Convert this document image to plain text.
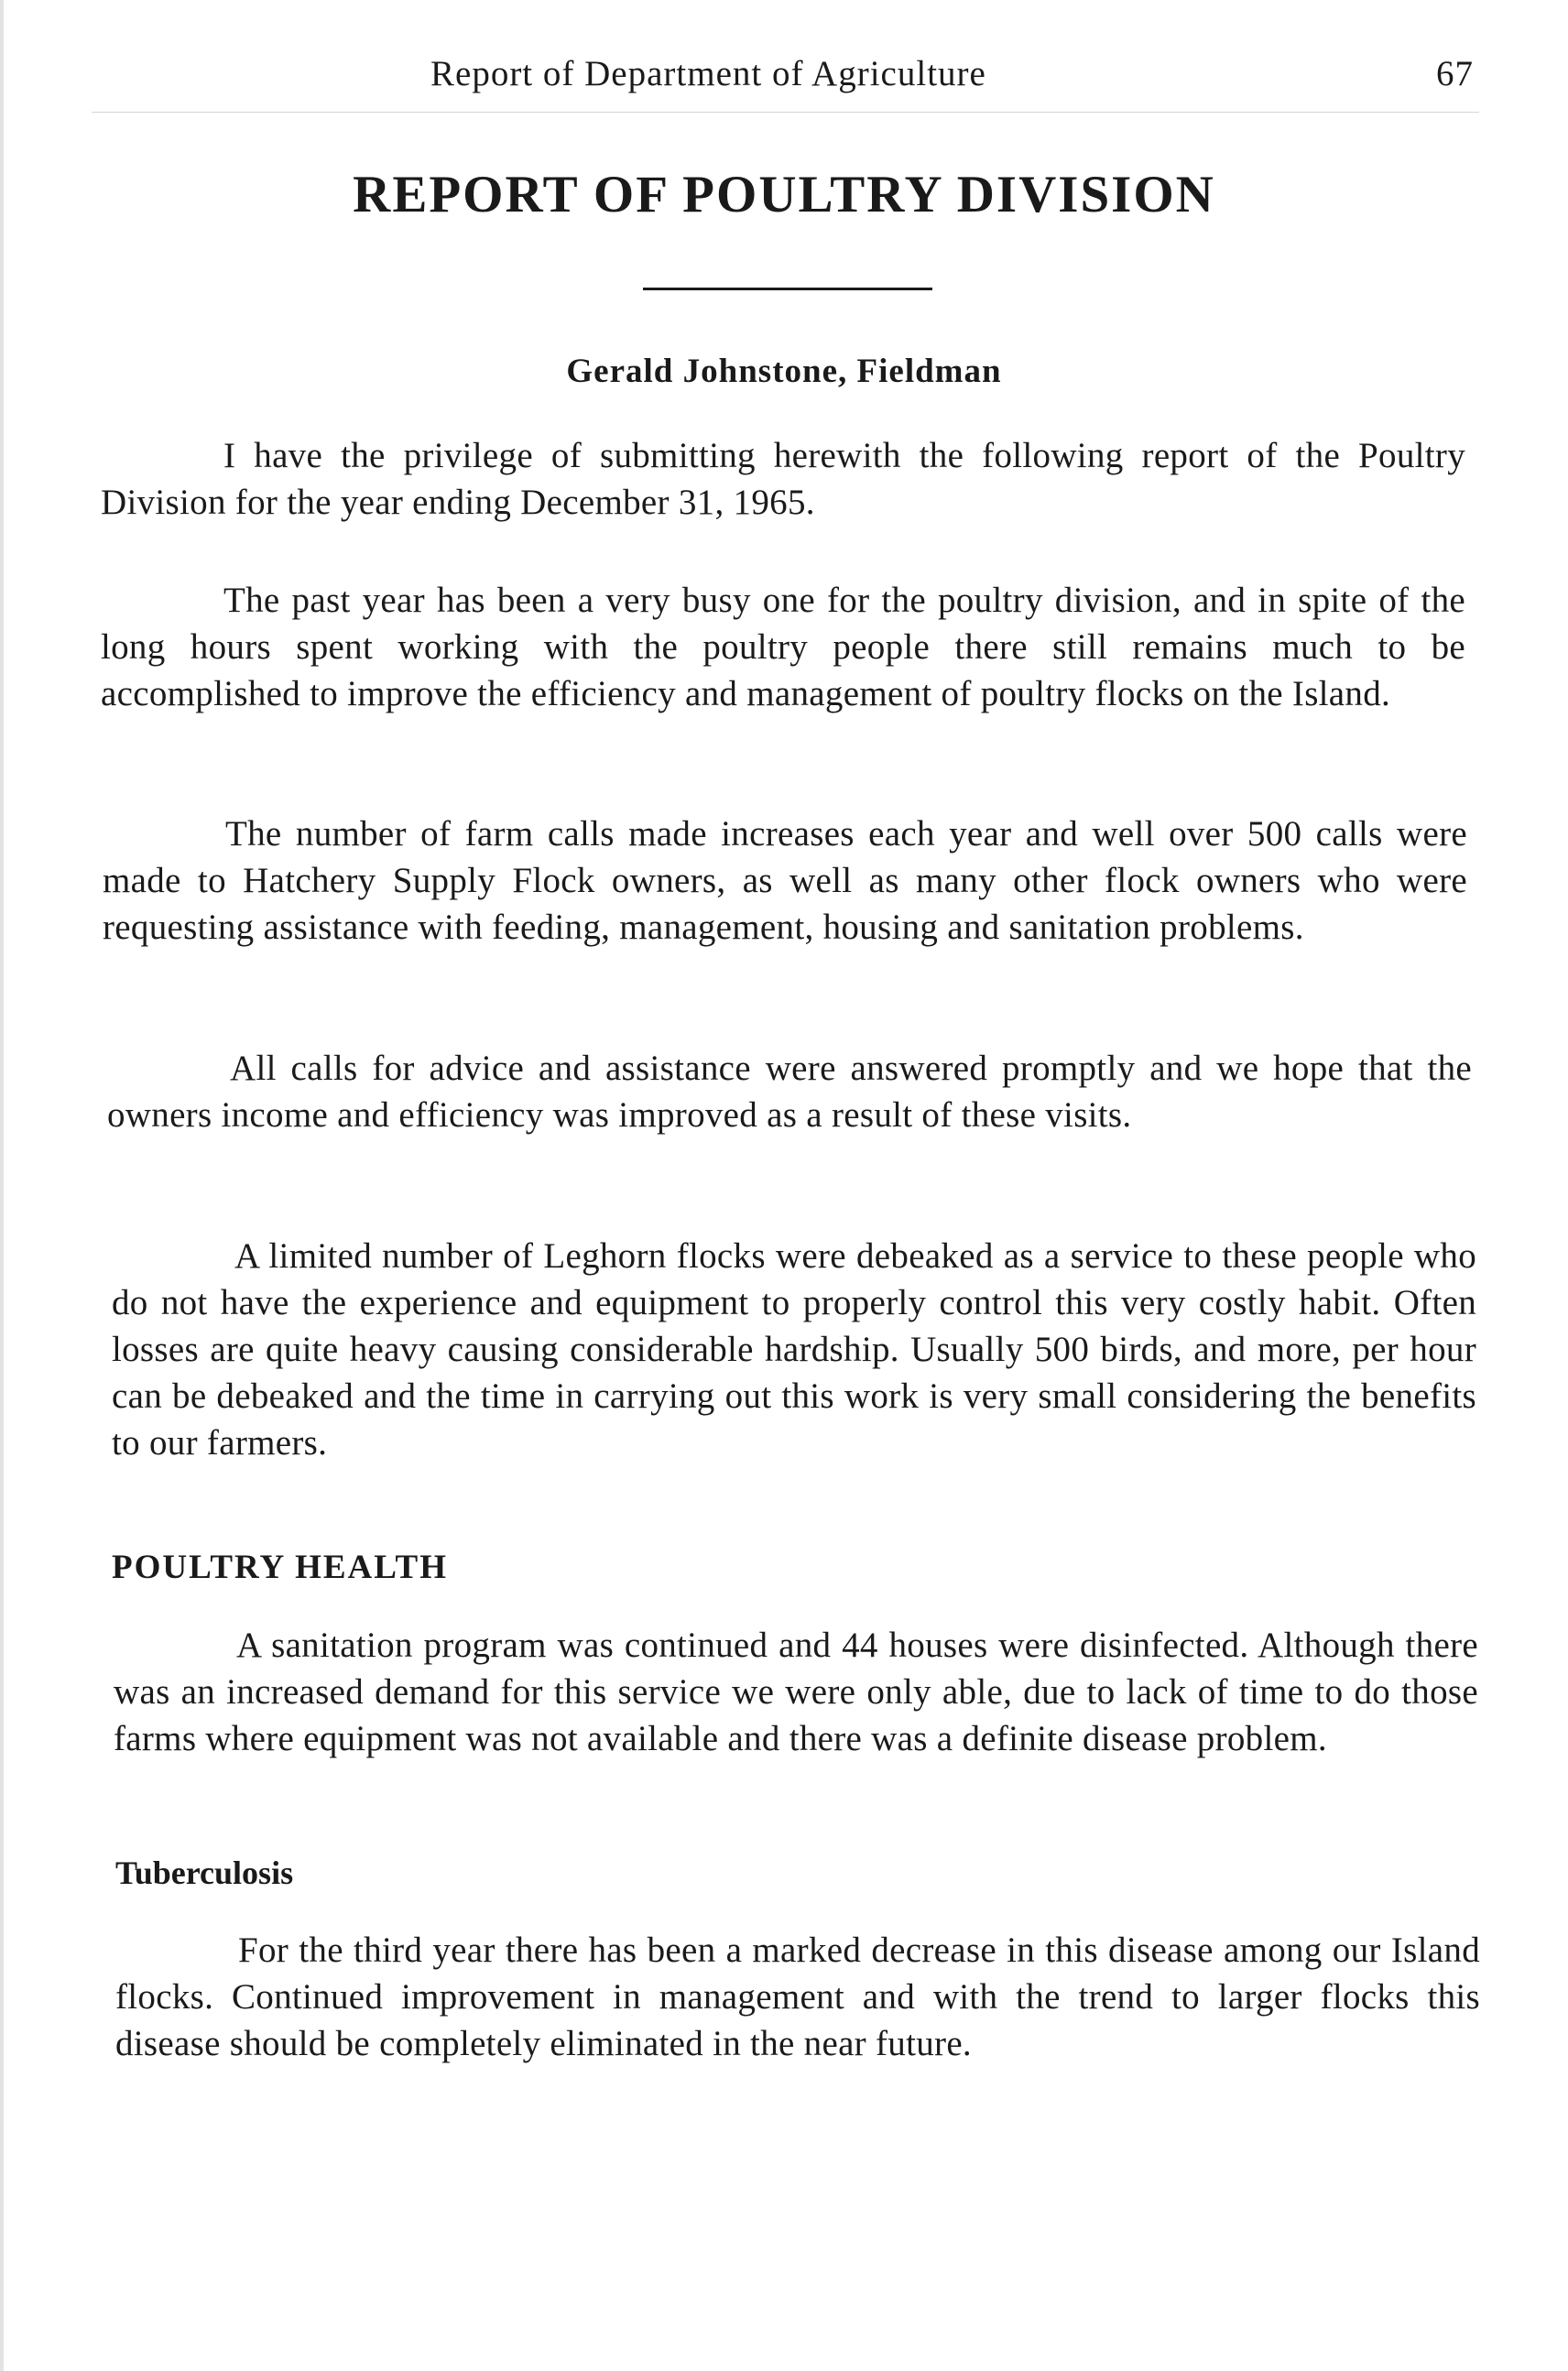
Report of Department of Agriculture	67
REPORT OF POULTRY DIVISION
Gerald Johnstone, Fieldman

I have the privilege of submitting herewith the following report of the Poultry Division for the year ending December 31, 1965.

The past year has been a very busy one for the poultry division, and in spite of the long hours spent working with the poultry people there still remains much to be accomplished to improve the efficiency and management of poultry flocks on the Island.

The number of farm calls made increases each year and well over 500 calls were made to Hatchery Supply Flock owners, as well as many other flock owners who were requesting assistance with feeding, management, housing and sanitation problems.

All calls for advice and assistance were answered promptly and we hope that the owners income and efficiency was improved as a result of these visits.

A limited number of Leghorn flocks were debeaked as a service to these people who do not have the experience and equipment to properly control this very costly habit. Often losses are quite heavy causing considerable hardship. Usually 500 birds, and more, per hour can be debeaked and the time in carrying out this work is very small considering the benefits to our farmers.

POULTRY HEALTH

A sanitation program was continued and 44 houses were disinfected. Although there was an increased demand for this service we were only able, due to lack of time to do those farms where equipment was not available and there was a definite disease problem.

Tuberculosis

For the third year there has been a marked decrease in this disease among our Island flocks. Continued improvement in management and with the trend to larger flocks this disease should be completely eliminated in the near future.
